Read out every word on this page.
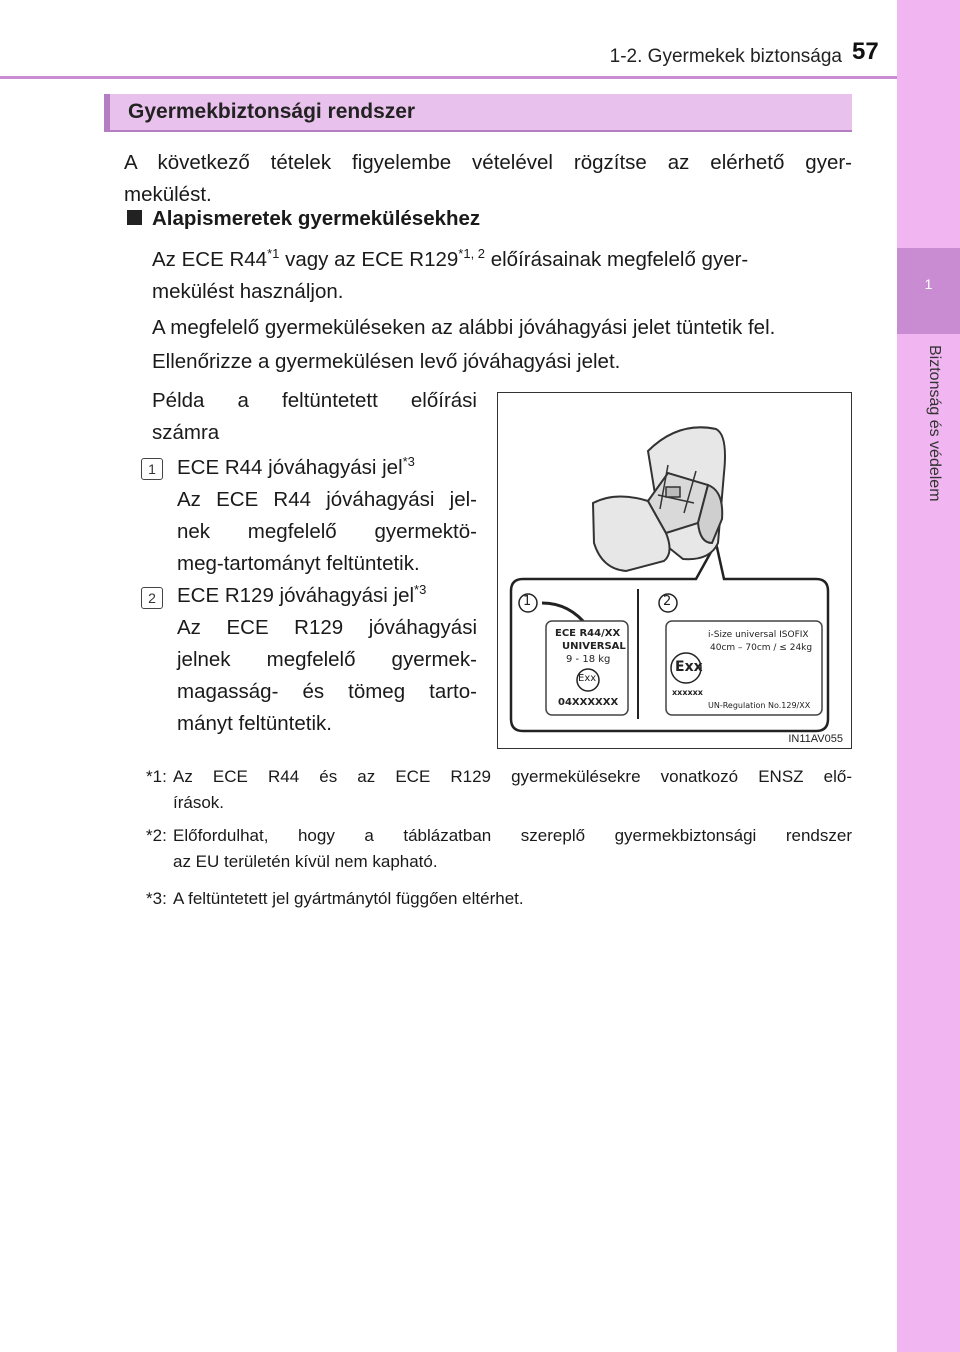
1
Biztonság és védelem
1-2. Gyermekek biztonsága 57
Gyermekbiztonsági rendszer
A következő tételek figyelembe vételével rögzítse az elérhető gyer-
mekülést.
Alapismeretek gyermekülésekhez
Az ECE R44$^{*1}$ vagy az ECE R129$^{*1, 2}$ előírásainak megfelelő gyer-
mekülést használjon.
A megfelelő gyermeküléseken az alábbi jóváhagyási jelet tüntetik fel.
Ellenőrizze a gyermekülésen levő jóváhagyási jelet.
Példa a feltüntetett előírási
számra
1	ECE R44 jóváhagyási jel$^{*3}$
Az ECE R44 jóváhagyási jel-
nek megfelelő gyermektö-
meg-tartományt feltüntetik.
2	ECE R129 jóváhagyási jel$^{*3}$
Az ECE R129 jóváhagyási
jelnek megfelelő gyermek-
magasság- és tömeg tarto-
mányt feltüntetik.
1	2
ECE R44/XX
UNIVERSAL
9 - 18 kg
Exx
04XXXXXX
i-Size universal ISOFIX
40cm – 70cm / ≤ 24kg
Exx
xxxxxx
UN-Regulation No.129/XX
IN11AV055
*1: Az ECE R44 és az ECE R129 gyermekülésekre vonatkozó ENSZ elő-
írások.
*2: Előfordulhat, hogy a táblázatban szereplő gyermekbiztonsági rendszer
az EU területén kívül nem kapható.
*3: A feltüntetett jel gyártmánytól függően eltérhet.
